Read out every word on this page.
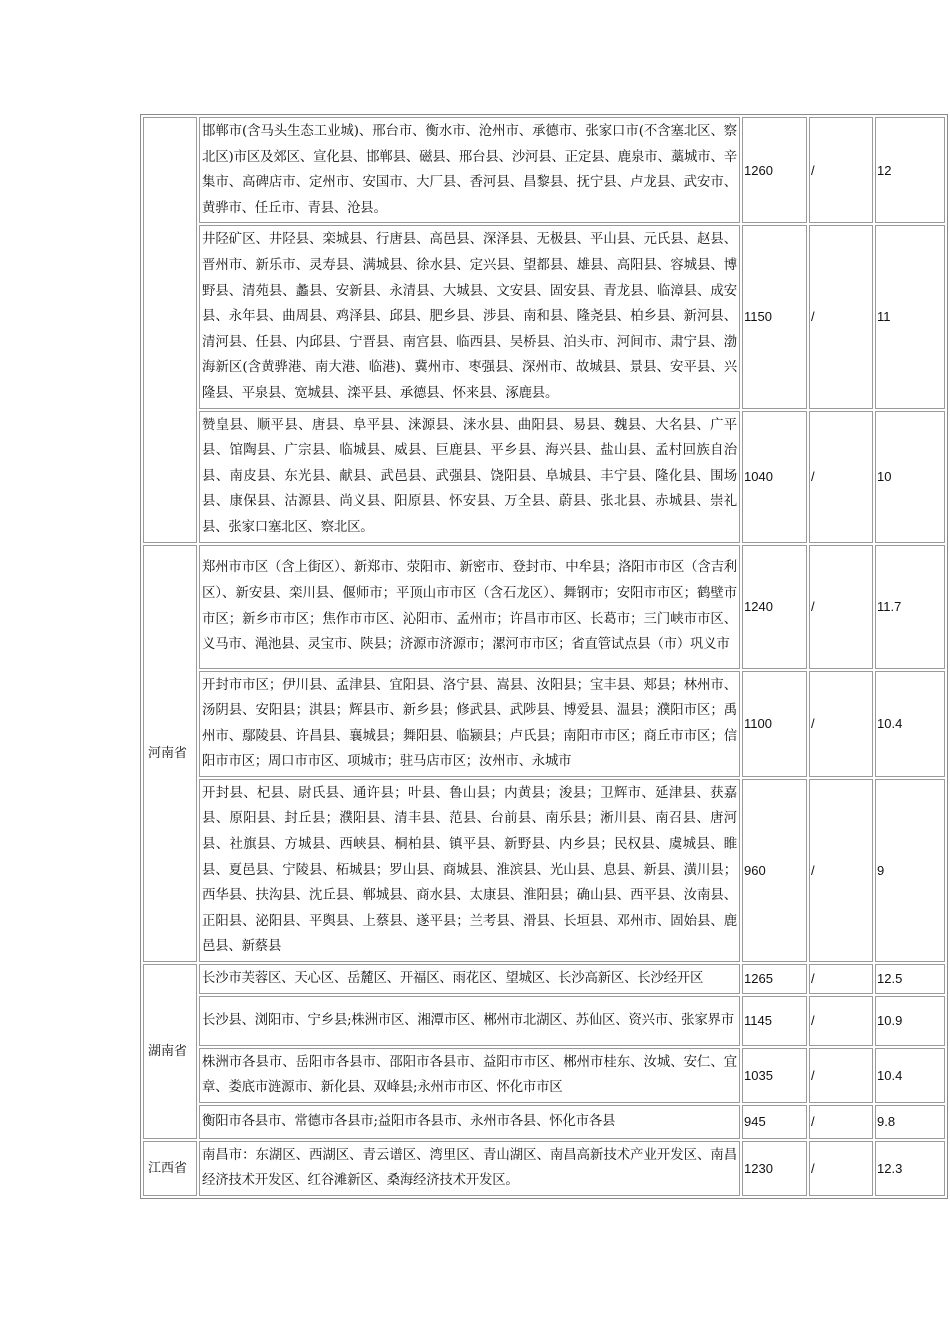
	邯郸市(含马头生态工业城)、邢台市、衡水市、沧州市、承德市、张家口市(不含塞北区、察北区)市区及郊区、宣化县、邯郸县、磁县、邢台县、沙河县、正定县、鹿泉市、藁城市、辛集市、高碑店市、定州市、安国市、大厂县、香河县、昌黎县、抚宁县、卢龙县、武安市、黄骅市、任丘市、青县、沧县。	1260	/	12
	井陉矿区、井陉县、栾城县、行唐县、高邑县、深泽县、无极县、平山县、元氏县、赵县、晋州市、新乐市、灵寿县、满城县、徐水县、定兴县、望都县、雄县、高阳县、容城县、博野县、清苑县、蠡县、安新县、永清县、大城县、文安县、固安县、青龙县、临漳县、成安县、永年县、曲周县、鸡泽县、邱县、肥乡县、涉县、南和县、隆尧县、柏乡县、新河县、清河县、任县、内邱县、宁晋县、南宫县、临西县、吴桥县、泊头市、河间市、肃宁县、渤海新区(含黄骅港、南大港、临港)、冀州市、枣强县、深州市、故城县、景县、安平县、兴隆县、平泉县、宽城县、滦平县、承德县、怀来县、涿鹿县。	1150	/	11
	赞皇县、顺平县、唐县、阜平县、涞源县、涞水县、曲阳县、易县、魏县、大名县、广平县、馆陶县、广宗县、临城县、威县、巨鹿县、平乡县、海兴县、盐山县、孟村回族自治县、南皮县、东光县、献县、武邑县、武强县、饶阳县、阜城县、丰宁县、隆化县、围场县、康保县、沽源县、尚义县、阳原县、怀安县、万全县、蔚县、张北县、赤城县、崇礼县、张家口塞北区、察北区。	1040	/	10
河南省	郑州市市区（含上街区）、新郑市、荥阳市、新密市、登封市、中牟县；洛阳市市区（含吉利区）、新安县、栾川县、偃师市；平顶山市市区（含石龙区）、舞钢市；安阳市市区；鹤壁市市区；新乡市市区；焦作市市区、沁阳市、孟州市；许昌市市区、长葛市；三门峡市市区、义马市、渑池县、灵宝市、陕县；济源市济源市；漯河市市区；省直管试点县（市）巩义市	1240	/	11.7
	开封市市区；伊川县、孟津县、宜阳县、洛宁县、嵩县、汝阳县；宝丰县、郏县；林州市、汤阴县、安阳县；淇县；辉县市、新乡县；修武县、武陟县、博爱县、温县；濮阳市区；禹州市、鄢陵县、许昌县、襄城县；舞阳县、临颍县；卢氏县；南阳市市区；商丘市市区；信阳市市区；周口市市区、项城市；驻马店市区；汝州市、永城市	1100	/	10.4
	开封县、杞县、尉氏县、通许县；叶县、鲁山县；内黄县；浚县；卫辉市、延津县、获嘉县、原阳县、封丘县；濮阳县、清丰县、范县、台前县、南乐县；淅川县、南召县、唐河县、社旗县、方城县、西峡县、桐柏县、镇平县、新野县、内乡县；民权县、虞城县、睢县、夏邑县、宁陵县、柘城县；罗山县、商城县、淮滨县、光山县、息县、新县、潢川县；西华县、扶沟县、沈丘县、郸城县、商水县、太康县、淮阳县；确山县、西平县、汝南县、正阳县、泌阳县、平舆县、上蔡县、遂平县；兰考县、滑县、长垣县、邓州市、固始县、鹿邑县、新蔡县	960	/	9
湖南省	长沙市芙蓉区、天心区、岳麓区、开福区、雨花区、望城区、长沙高新区、长沙经开区	1265	/	12.5
	长沙县、浏阳市、宁乡县;株洲市区、湘潭市区、郴州市北湖区、苏仙区、资兴市、张家界市	1145	/	10.9
	株洲市各县市、岳阳市各县市、邵阳市各县市、益阳市市区、郴州市桂东、汝城、安仁、宜章、娄底市涟源市、新化县、双峰县;永州市市区、怀化市市区	1035	/	10.4
	衡阳市各县市、常德市各县市;益阳市各县市、永州市各县、怀化市各县	945	/	9.8
江西省	南昌市：东湖区、西湖区、青云谱区、湾里区、青山湖区、南昌高新技术产业开发区、南昌经济技术开发区、红谷滩新区、桑海经济技术开发区。	1230	/	12.3
